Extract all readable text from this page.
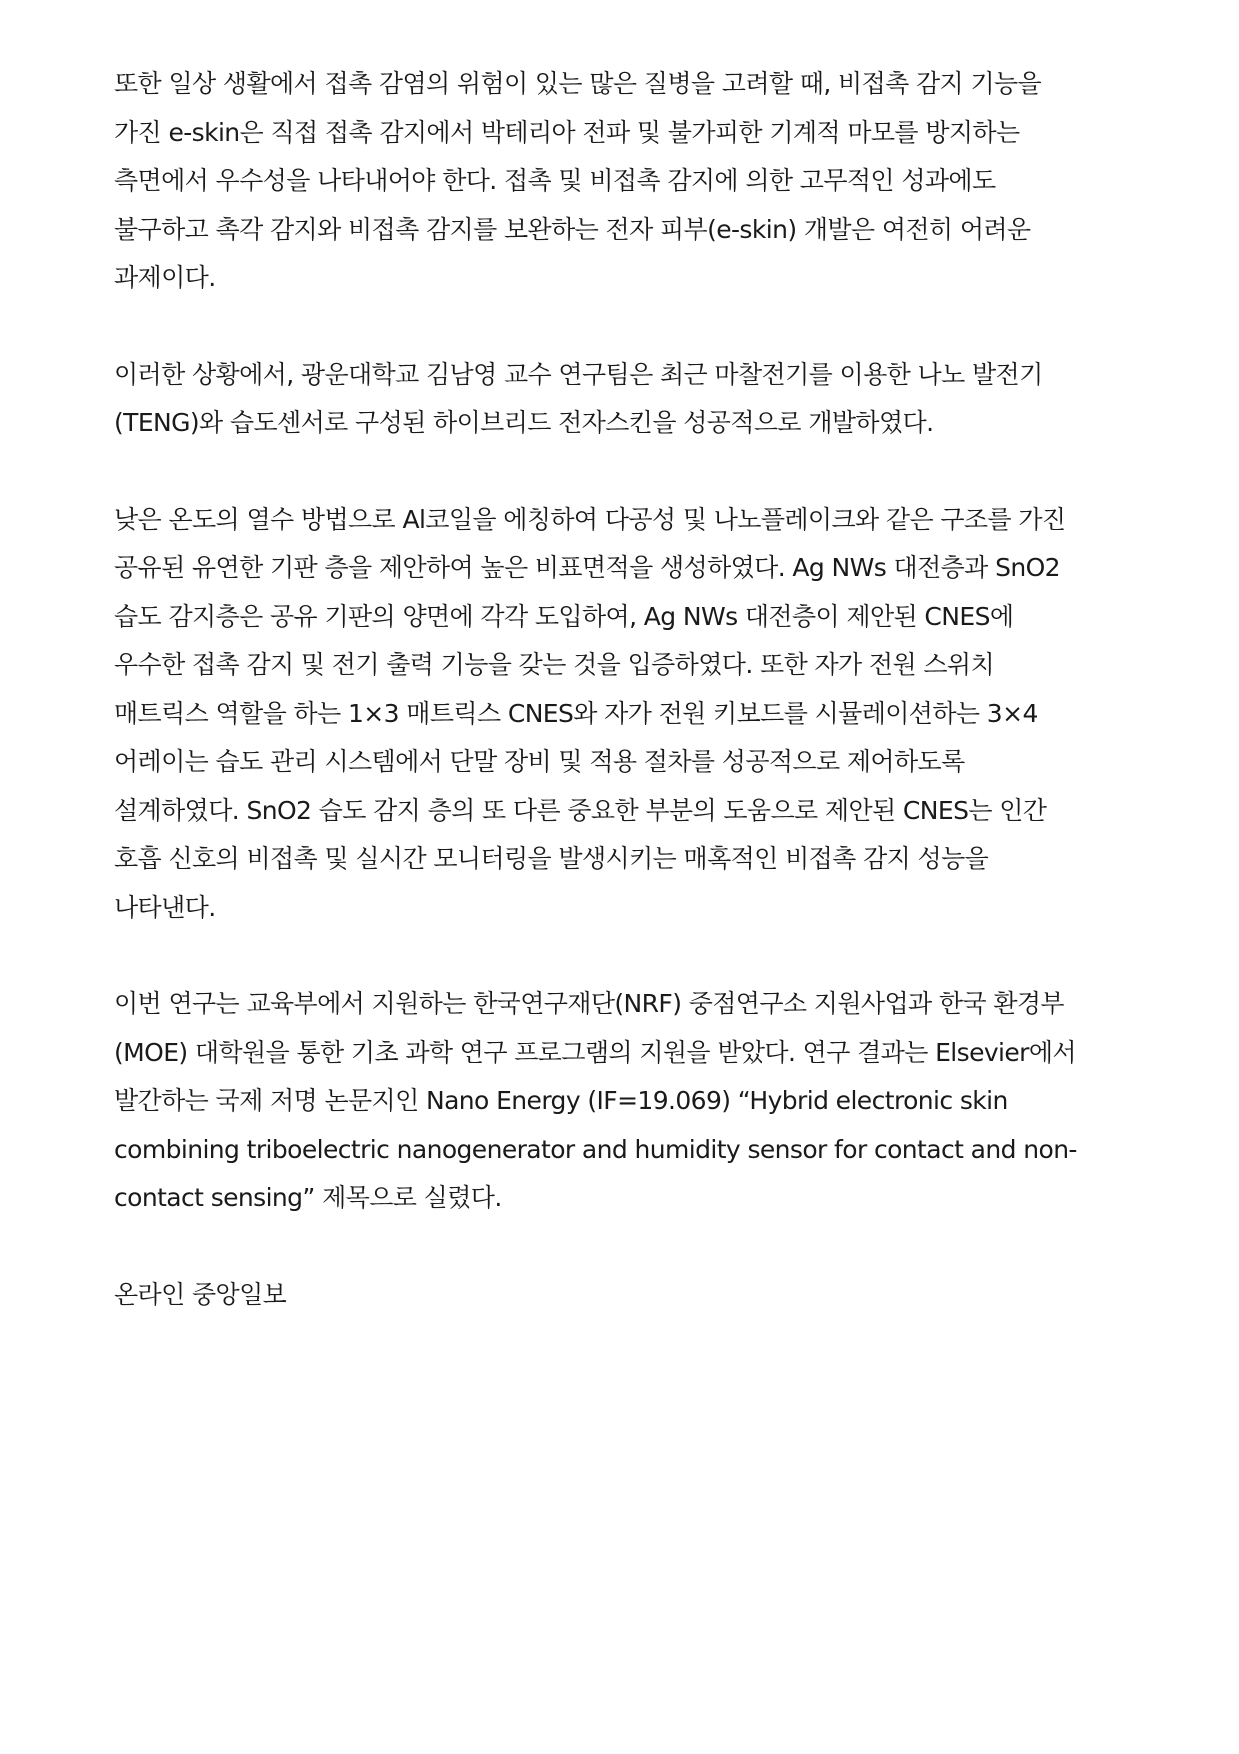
또한 일상 생활에서 접촉 감염의 위험이 있는 많은 질병을 고려할 때, 비접촉 감지 기능을
가진 e-skin은 직접 접촉 감지에서 박테리아 전파 및 불가피한 기계적 마모를 방지하는
측면에서 우수성을 나타내어야 한다. 접촉 및 비접촉 감지에 의한 고무적인 성과에도
불구하고 촉각 감지와 비접촉 감지를 보완하는 전자 피부(e-skin) 개발은 여전히 어려운
과제이다.

이러한 상황에서, 광운대학교 김남영 교수 연구팀은 최근 마찰전기를 이용한 나노 발전기
(TENG)와 습도센서로 구성된 하이브리드 전자스킨을 성공적으로 개발하였다.

낮은 온도의 열수 방법으로 Al코일을 에칭하여 다공성 및 나노플레이크와 같은 구조를 가진
공유된 유연한 기판 층을 제안하여 높은 비표면적을 생성하였다. Ag NWs 대전층과 SnO2
습도 감지층은 공유 기판의 양면에 각각 도입하여, Ag NWs 대전층이 제안된 CNES에
우수한 접촉 감지 및 전기 출력 기능을 갖는 것을 입증하였다. 또한 자가 전원 스위치
매트릭스 역할을 하는 1×3 매트릭스 CNES와 자가 전원 키보드를 시뮬레이션하는 3×4
어레이는 습도 관리 시스템에서 단말 장비 및 적용 절차를 성공적으로 제어하도록
설계하였다. SnO2 습도 감지 층의 또 다른 중요한 부분의 도움으로 제안된 CNES는 인간
호흡 신호의 비접촉 및 실시간 모니터링을 발생시키는 매혹적인 비접촉 감지 성능을
나타낸다.

이번 연구는 교육부에서 지원하는 한국연구재단(NRF) 중점연구소 지원사업과 한국 환경부
(MOE) 대학원을 통한 기초 과학 연구 프로그램의 지원을 받았다. 연구 결과는 Elsevier에서
발간하는 국제 저명 논문지인 Nano Energy (IF=19.069) “Hybrid electronic skin
combining triboelectric nanogenerator and humidity sensor for contact and non-
contact sensing” 제목으로 실렸다.

온라인 중앙일보
